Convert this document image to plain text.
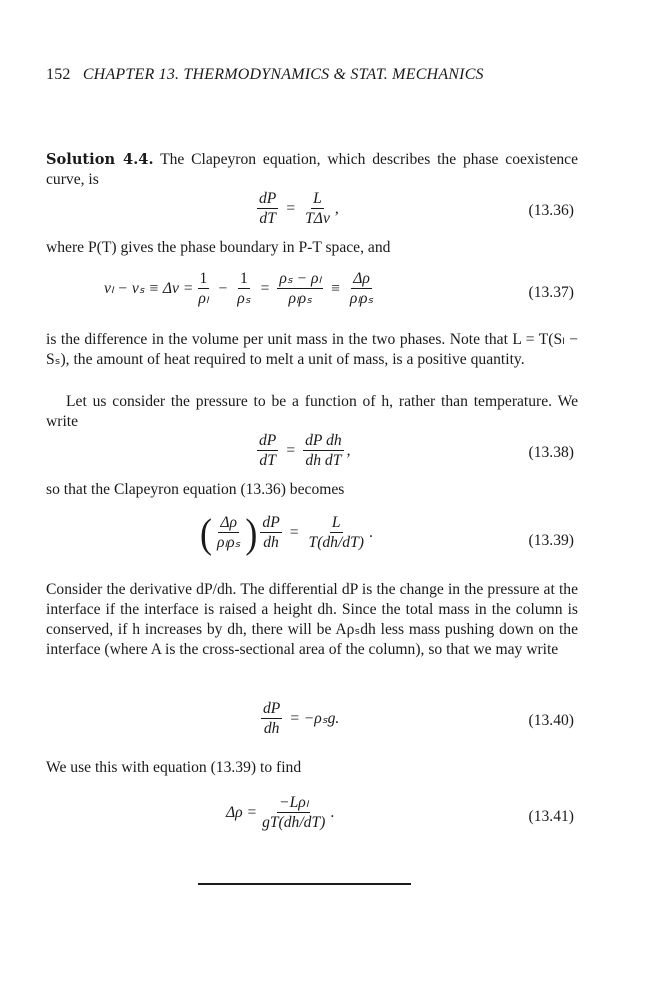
152 CHAPTER 13. THERMODYNAMICS & STAT. MECHANICS
Solution 4.4. The Clapeyron equation, which describes the phase coexistence curve, is
$\frac{dP}{dT} = \frac{L}{\text{TΔv}}$ ,	(13.36)
where P(T) gives the phase boundary in P-T space, and
$v_l - v_s \equiv \Delta v = \frac{1}{\text{ρₗ}} - \frac{1}{\text{ρₛ}} = \frac{\text{ρₛ − ρₗ}}{\text{ρₗρₛ}} \equiv \frac{\Delta\rho}{\text{ρₗρₛ}}$	(13.37)
is the difference in the volume per unit mass in the two phases. Note that L = T(Sₗ − Sₛ), the amount of heat required to melt a unit of mass, is a positive quantity.
Let us consider the pressure to be a function of h, rather than temperature. We write
$\frac{dP}{dT} = \frac{\text{dP dh}}{\text{dh dT}}$ ,	(13.38)
so that the Clapeyron equation (13.36) becomes
( $\frac{\Delta\rho}{\text{ρₗρₛ}}$ ) $\frac{dP}{dh} = \frac{L}{T(dh/dT)}$ .	(13.39)
Consider the derivative dP/dh. The differential dP is the change in the pressure at the interface if the interface is raised a height dh. Since the total mass in the column is conserved, if h increases by dh, there will be Aρₛdh less mass pushing down on the interface (where A is the cross-sectional area of the column), so that we may write
$\frac{dP}{dh} = -\rho_sg$.	(13.40)
We use this with equation (13.39) to find
$\Delta\rho = \frac{\text{−Lρₗ}}{gT(dh/dT)}$ .	(13.41)
